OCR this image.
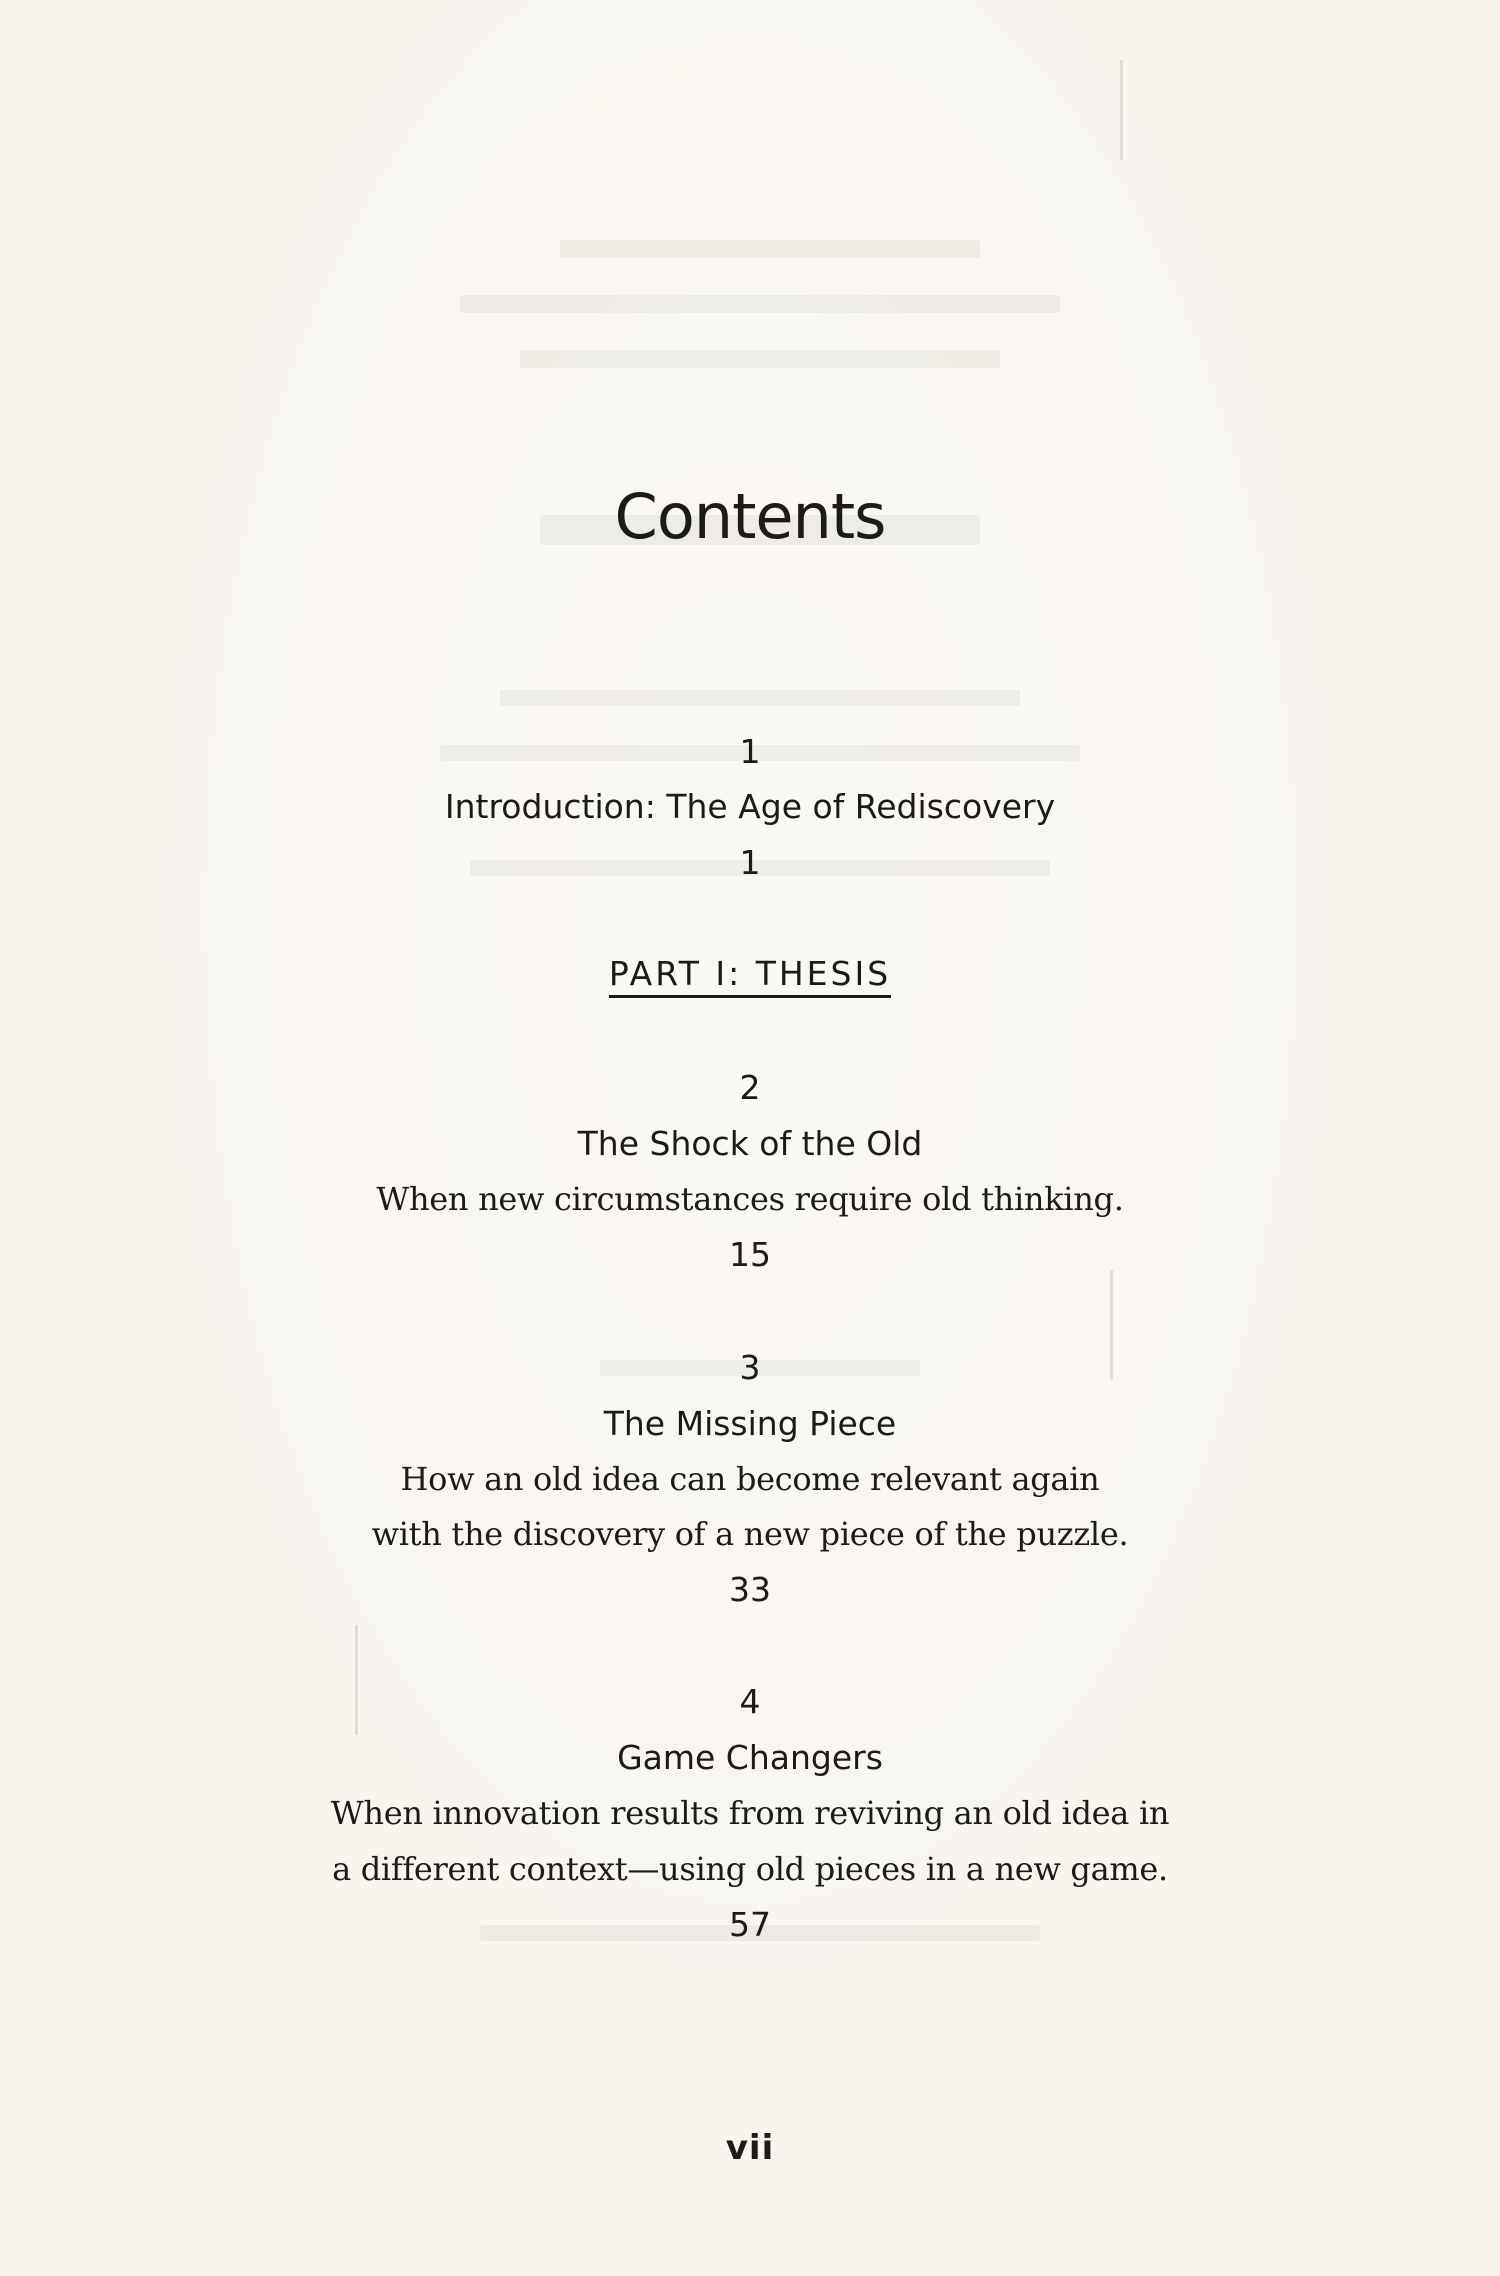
Contents
1
Introduction: The Age of Rediscovery
1
PART I: THESIS
2
The Shock of the Old
When new circumstances require old thinking.
15
3
The Missing Piece
How an old idea can become relevant again
with the discovery of a new piece of the puzzle.
33
4
Game Changers
When innovation results from reviving an old idea in
a different context—using old pieces in a new game.
57
vii
